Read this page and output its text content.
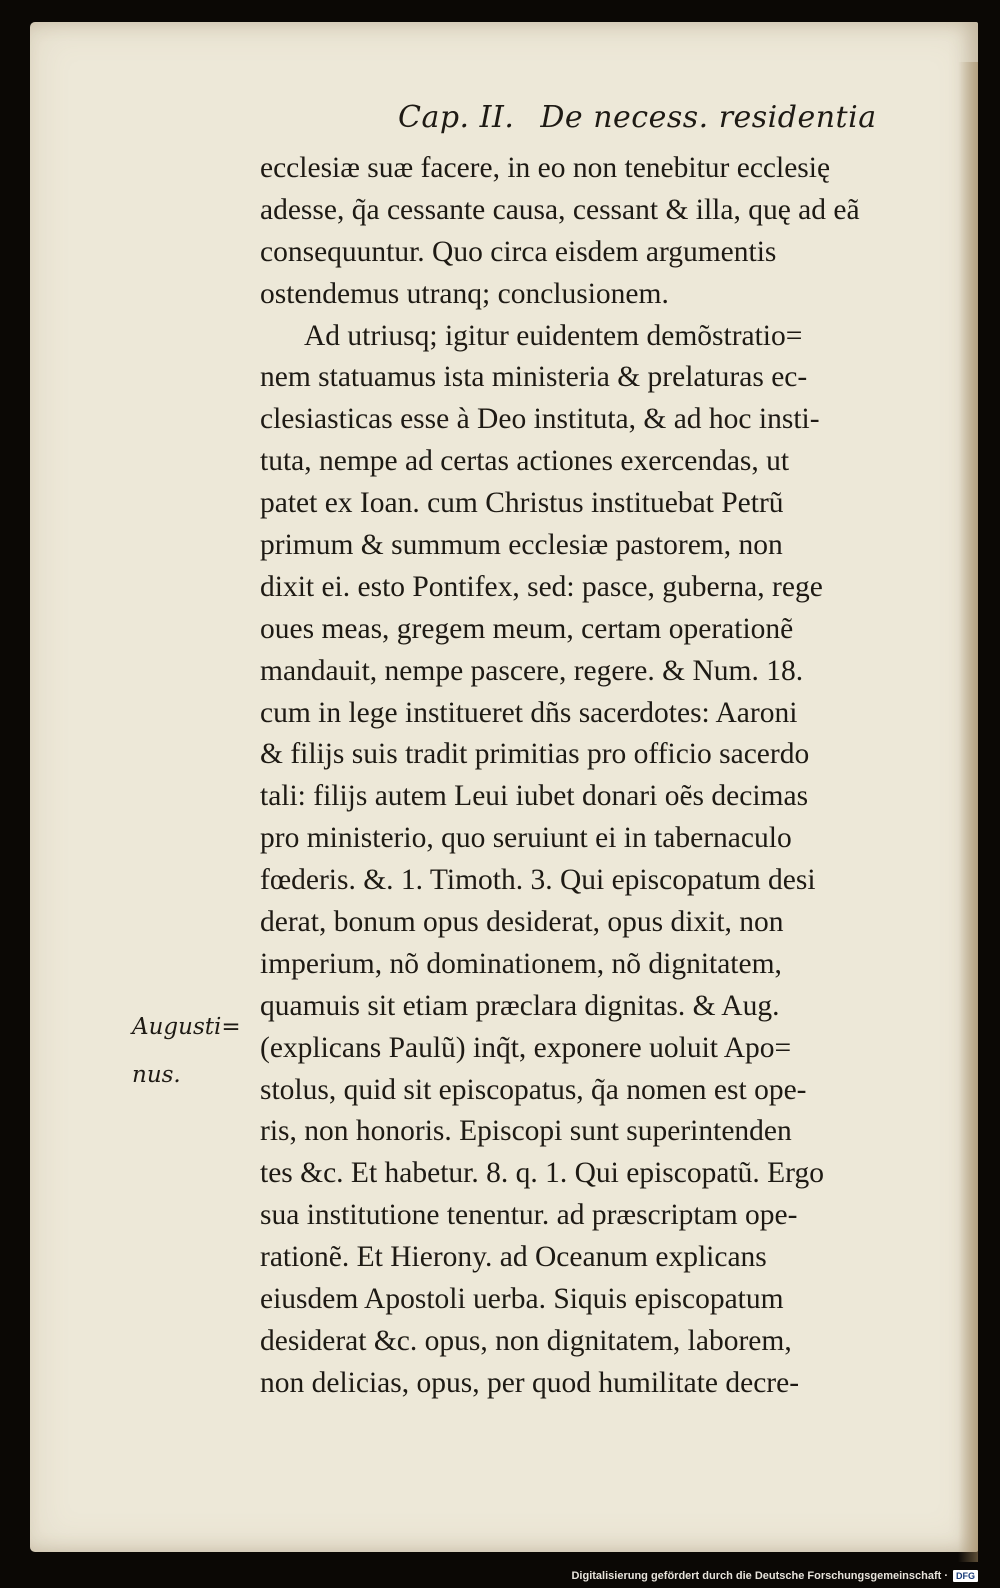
Cap. II. De necess. residentia
ecclesiæ suæ facere, in eo non tenebitur ecclesię
adesse, q̃a cessante causa, cessant & illa, quę ad eã
consequuntur. Quo circa eisdem argumentis
ostendemus utranq; conclusionem.
Ad utriusq; igitur euidentem demõstratio=
nem statuamus ista ministeria & prelaturas ec-
clesiasticas esse à Deo instituta, & ad hoc insti-
tuta, nempe ad certas actiones exercendas, ut
patet ex Ioan. cum Christus instituebat Petrũ
primum & summum ecclesiæ pastorem, non
dixit ei. esto Pontifex, sed: pasce, guberna, rege
oues meas, gregem meum, certam operationẽ
mandauit, nempe pascere, regere. & Num. 18.
cum in lege institueret dñs sacerdotes: Aaroni
& filijs suis tradit primitias pro officio sacerdo
tali: filijs autem Leui iubet donari oẽs decimas
pro ministerio, quo seruiunt ei in tabernaculo
fœderis. &. 1. Timoth. 3. Qui episcopatum desi
derat, bonum opus desiderat, opus dixit, non
imperium, nõ dominationem, nõ dignitatem,
quamuis sit etiam præclara dignitas. & Aug.
(explicans Paulũ) inq̃t, exponere uoluit Apo=
stolus, quid sit episcopatus, q̃a nomen est ope-
ris, non honoris. Episcopi sunt superintenden
tes &c. Et habetur. 8. q. 1. Qui episcopatũ. Ergo
sua institutione tenentur. ad præscriptam ope-
rationẽ. Et Hierony. ad Oceanum explicans
eiusdem Apostoli uerba. Siquis episcopatum
desiderat &c. opus, non dignitatem, laborem,
non delicias, opus, per quod humilitate decre-
Augusti=
nus.
Digitalisierung gefördert durch die Deutsche Forschungsgemeinschaft · DFG
